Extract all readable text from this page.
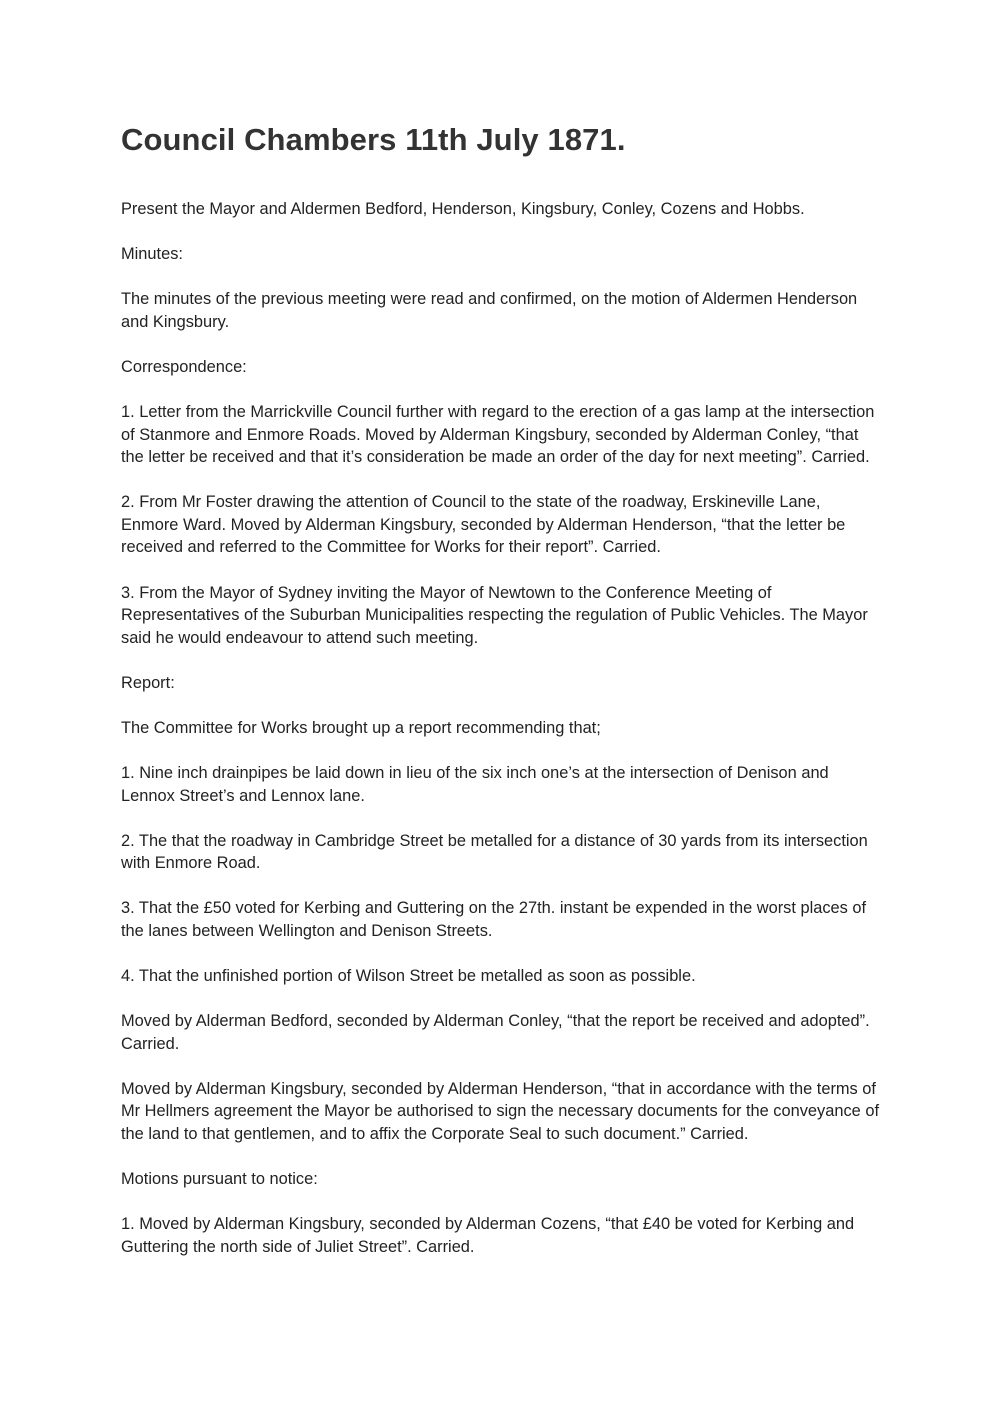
Council Chambers 11th July 1871.

Present the Mayor and Aldermen Bedford, Henderson, Kingsbury, Conley, Cozens and Hobbs.

Minutes:

The minutes of the previous meeting were read and confirmed, on the motion of Aldermen Henderson and Kingsbury.

Correspondence:

1. Letter from the Marrickville Council further with regard to the erection of a gas lamp at the intersection of Stanmore and Enmore Roads. Moved by Alderman Kingsbury, seconded by Alderman Conley, “that the letter be received and that it’s consideration be made an order of the day for next meeting”. Carried.

2. From Mr Foster drawing the attention of Council to the state of the roadway, Erskineville Lane, Enmore Ward. Moved by Alderman Kingsbury, seconded by Alderman Henderson, “that the letter be received and referred to the Committee for Works for their report”. Carried.

3. From the Mayor of Sydney inviting the Mayor of Newtown to the Conference Meeting of Representatives of the Suburban Municipalities respecting the regulation of Public Vehicles. The Mayor said he would endeavour to attend such meeting.

Report:

The Committee for Works brought up a report recommending that;

1. Nine inch drainpipes be laid down in lieu of the six inch one’s at the intersection of Denison and Lennox Street’s and Lennox lane.

2. The that the roadway in Cambridge Street be metalled for a distance of 30 yards from its intersection with Enmore Road.

3. That the £50 voted for Kerbing and Guttering on the 27th. instant be expended in the worst places of the lanes between Wellington and Denison Streets.

4. That the unfinished portion of Wilson Street be metalled as soon as possible.

Moved by Alderman Bedford, seconded by Alderman Conley, “that the report be received and adopted”. Carried.

Moved by Alderman Kingsbury, seconded by Alderman Henderson, “that in accordance with the terms of Mr Hellmers agreement the Mayor be authorised to sign the necessary documents for the conveyance of the land to that gentlemen, and to affix the Corporate Seal to such document.” Carried.

Motions pursuant to notice:

1. Moved by Alderman Kingsbury, seconded by Alderman Cozens, “that £40 be voted for Kerbing and Guttering the north side of Juliet Street”. Carried.
